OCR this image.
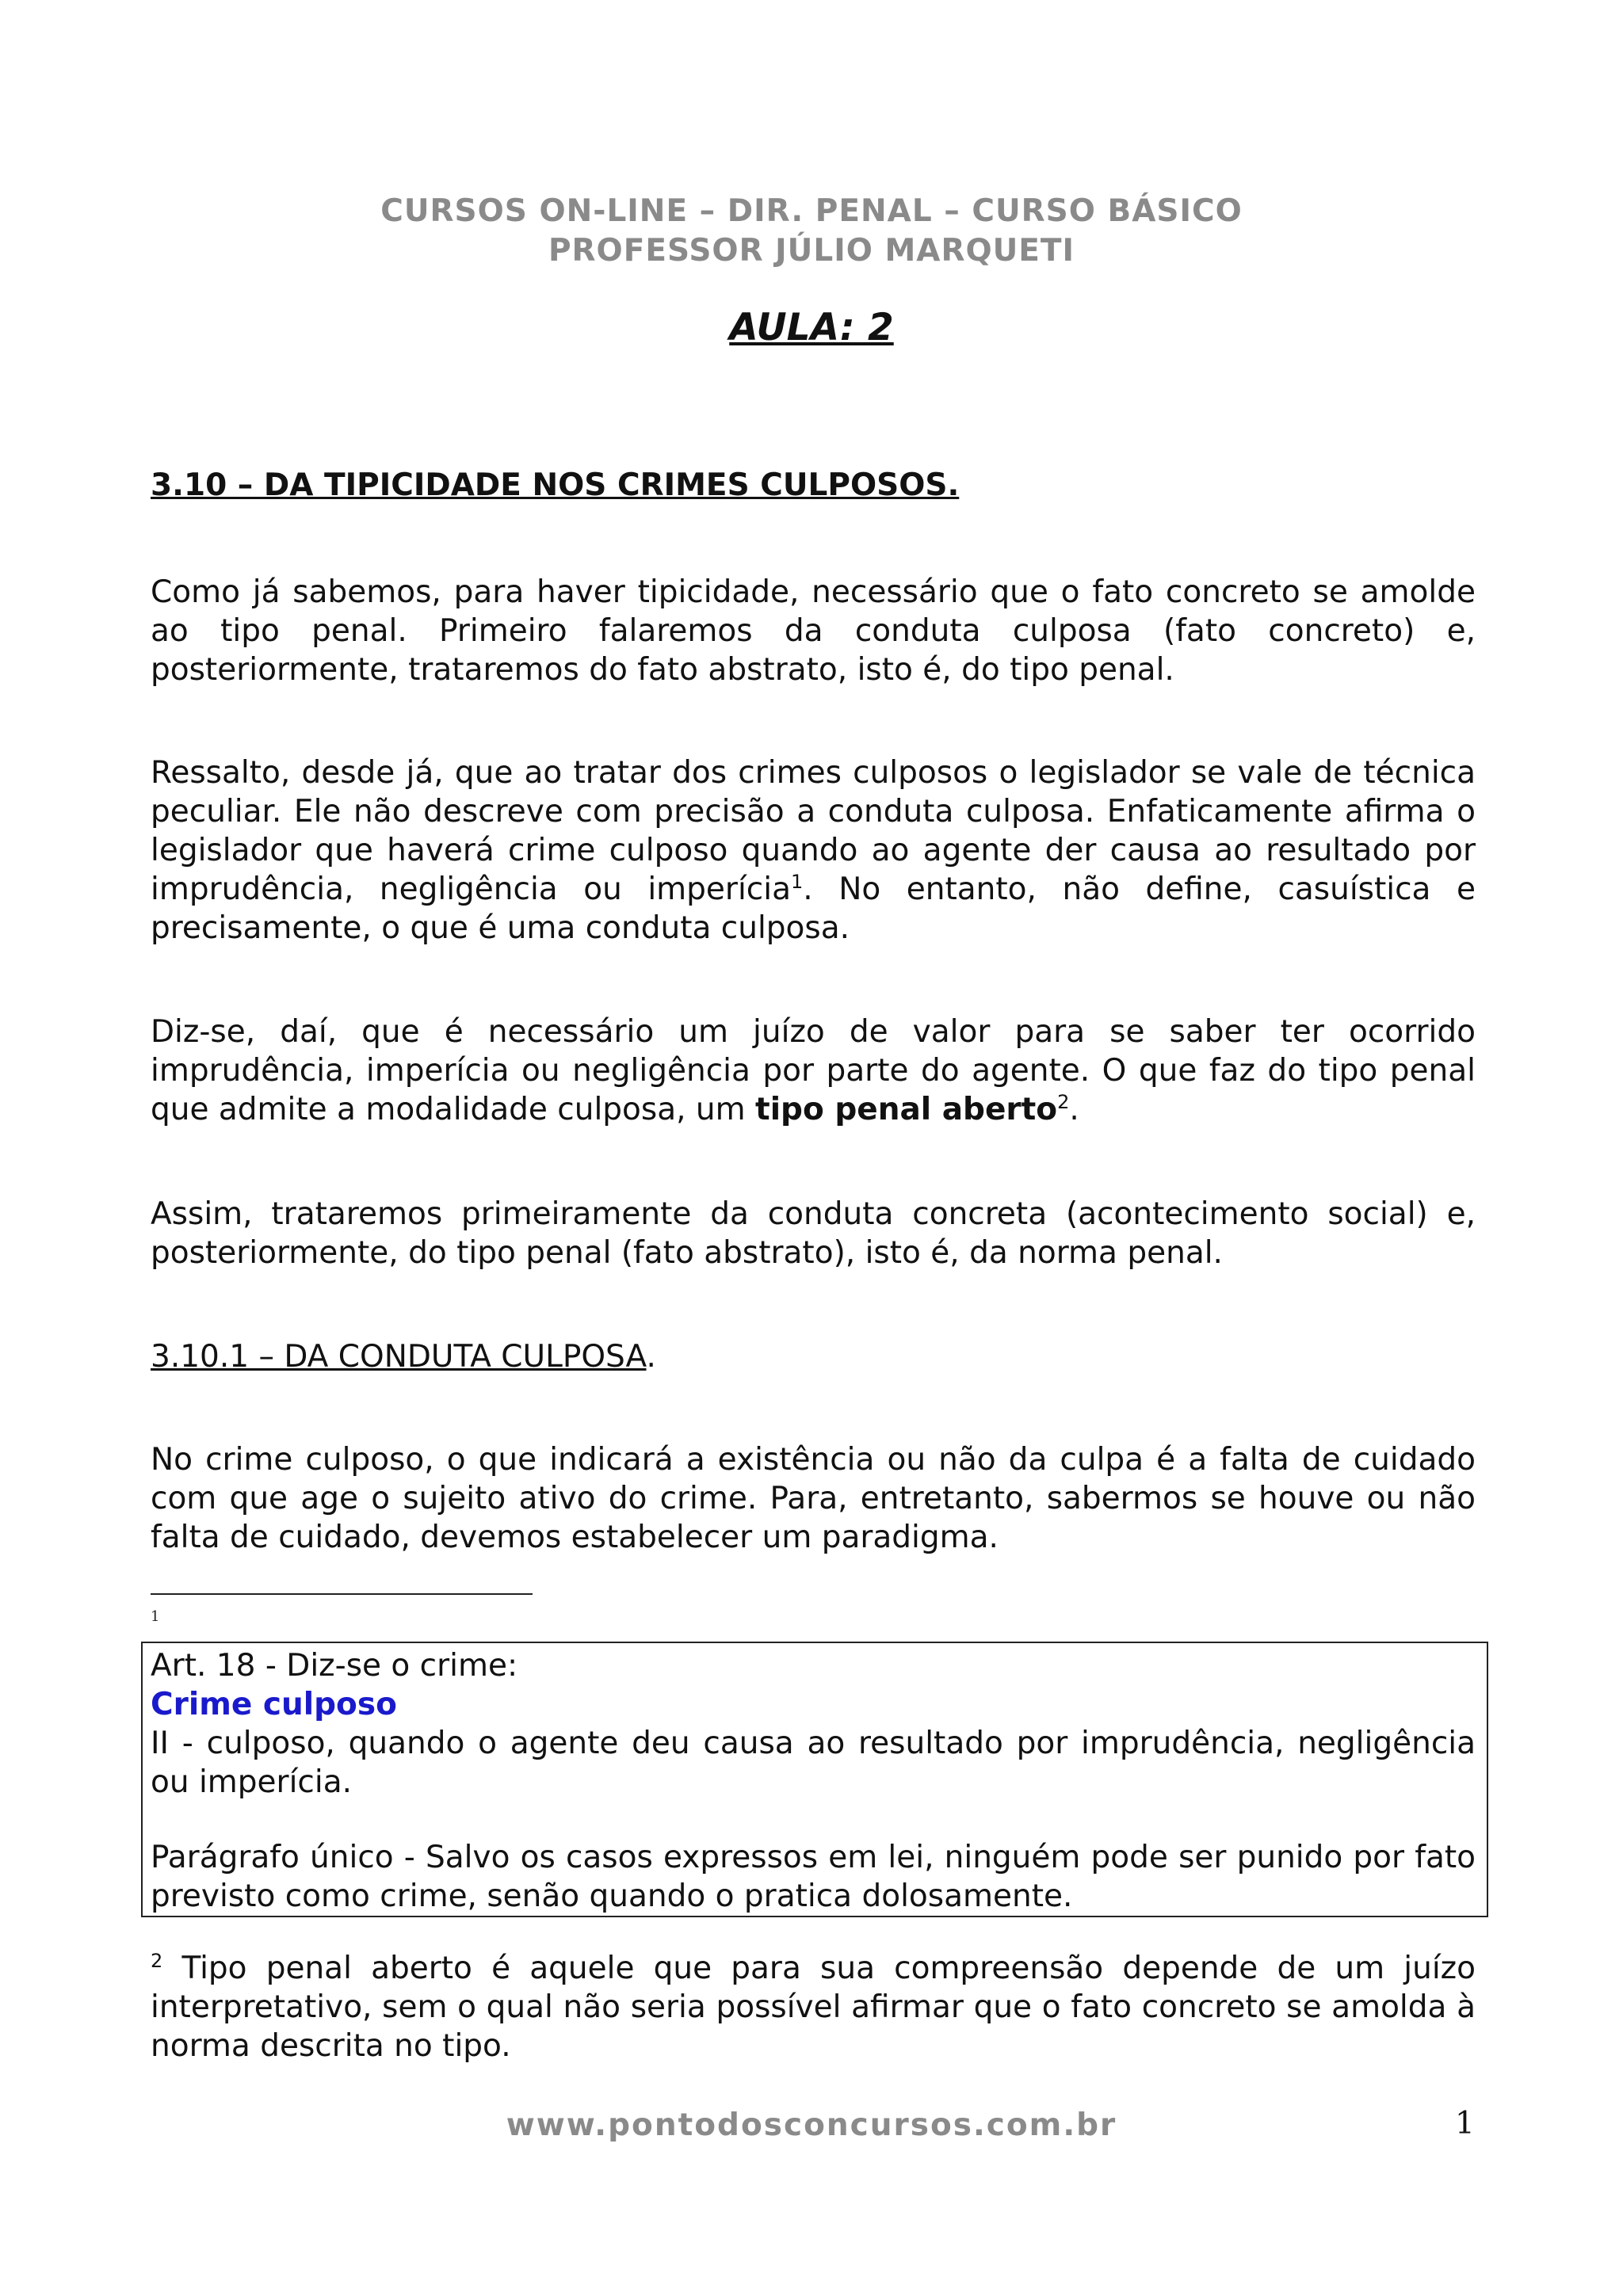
CURSOS ON-LINE – DIR. PENAL – CURSO BÁSICO
PROFESSOR JÚLIO MARQUETI
AULA: 2
3.10 – DA TIPICIDADE NOS CRIMES CULPOSOS.

Como já sabemos, para haver tipicidade, necessário que o fato concreto se amolde ao tipo penal. Primeiro falaremos da conduta culposa (fato concreto) e, posteriormente, trataremos do fato abstrato, isto é, do tipo penal.

Ressalto, desde já, que ao tratar dos crimes culposos o legislador se vale de técnica peculiar. Ele não descreve com precisão a conduta culposa. Enfaticamente afirma o legislador que haverá crime culposo quando ao agente der causa ao resultado por imprudência, negligência ou imperícia$^1$. No entanto, não define, casuística e precisamente, o que é uma conduta culposa.

Diz-se, daí, que é necessário um juízo de valor para se saber ter ocorrido imprudência, imperícia ou negligência por parte do agente. O que faz do tipo penal que admite a modalidade culposa, um tipo penal aberto$^2$.

Assim, trataremos primeiramente da conduta concreta (acontecimento social) e, posteriormente, do tipo penal (fato abstrato), isto é, da norma penal.

3.10.1 – DA CONDUTA CULPOSA.

No crime culposo, o que indicará a existência ou não da culpa é a falta de cuidado com que age o sujeito ativo do crime. Para, entretanto, sabermos se houve ou não falta de cuidado, devemos estabelecer um paradigma.

1

Art. 18 - Diz-se o crime:

Crime culposo

II - culposo, quando o agente deu causa ao resultado por imprudência, negligência ou imperícia.

Parágrafo único - Salvo os casos expressos em lei, ninguém pode ser punido por fato previsto como crime, senão quando o pratica dolosamente.

$^2$ Tipo penal aberto é aquele que para sua compreensão depende de um juízo interpretativo, sem o qual não seria possível afirmar que o fato concreto se amolda à norma descrita no tipo.

www.pontodosconcursos.com.br	1
